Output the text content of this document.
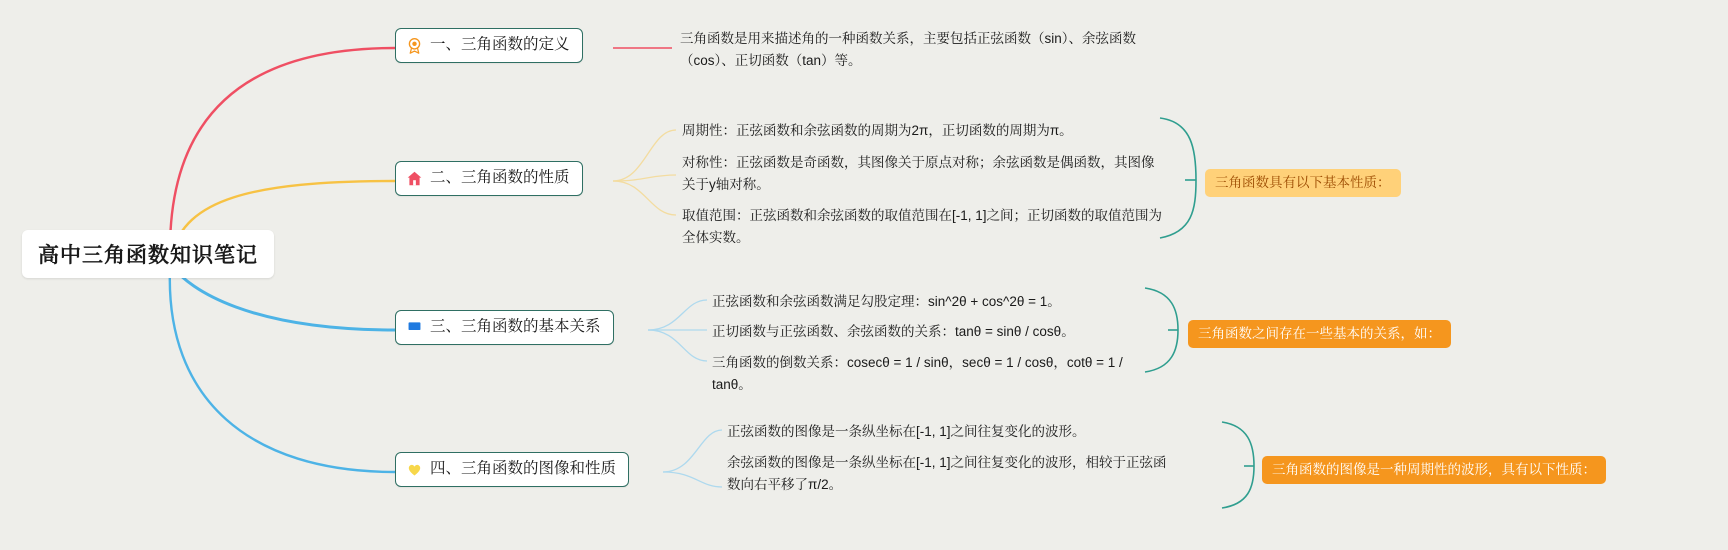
高中三角函数知识笔记
一、三角函数的定义	三角函数是用来描述角的一种函数关系，主要包括正弦函数（sin）、余弦函数（cos）、正切函数（tan）等。
二、三角函数的性质
周期性：正弦函数和余弦函数的周期为2π，正切函数的周期为π。
对称性：正弦函数是奇函数，其图像关于原点对称；余弦函数是偶函数，其图像关于y轴对称。
取值范围：正弦函数和余弦函数的取值范围在[-1, 1]之间；正切函数的取值范围为全体实数。
三角函数具有以下基本性质：
三、三角函数的基本关系
正弦函数和余弦函数满足勾股定理：sin^2θ + cos^2θ = 1。
正切函数与正弦函数、余弦函数的关系：tanθ = sinθ / cosθ。
三角函数的倒数关系：cosecθ = 1 / sinθ，secθ = 1 / cosθ，cotθ = 1 / tanθ。
三角函数之间存在一些基本的关系，如：
四、三角函数的图像和性质
正弦函数的图像是一条纵坐标在[-1, 1]之间往复变化的波形。
余弦函数的图像是一条纵坐标在[-1, 1]之间往复变化的波形，相较于正弦函数向右平移了π/2。
三角函数的图像是一种周期性的波形，具有以下性质：
